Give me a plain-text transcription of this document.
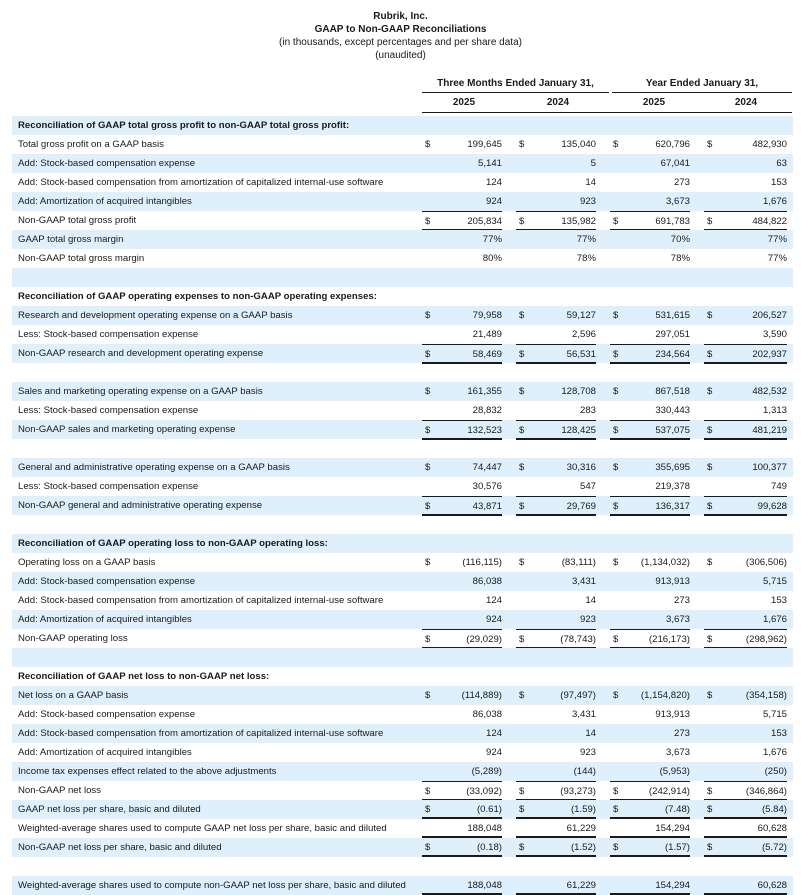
Rubrik, Inc.
GAAP to Non-GAAP Reconciliations
(in thousands, except percentages and per share data)
(unaudited)
Three Months Ended January 31,
2025	2024
Year Ended January 31,
2025	2024
Reconciliation of GAAP total gross profit to non-GAAP total gross profit:
Total gross profit on a GAAP basis	$	199,645 $	135,040 $	620,796 $	482,930
Add: Stock-based compensation expense	5,141	5	67,041	63
Add: Stock-based compensation from amortization of capitalized internal-use software	124	14	273	153
Add: Amortization of acquired intangibles	924	923	3,673	1,676
Non-GAAP total gross profit	$	205,834 $	135,982 $	691,783 $	484,822
GAAP total gross margin	77%	77%	70%	77%
Non-GAAP total gross margin	80%	78%	78%	77%
Reconciliation of GAAP operating expenses to non-GAAP operating expenses:
Research and development operating expense on a GAAP basis	$	79,958 $	59,127 $	531,615 $	206,527
Less: Stock-based compensation expense	21,489	2,596	297,051	3,590
Non-GAAP research and development operating expense	$	58,469 $	56,531 $	234,564 $	202,937
Sales and marketing operating expense on a GAAP basis	$	161,355 $	128,708 $	867,518 $	482,532
Less: Stock-based compensation expense	28,832	283	330,443	1,313
Non-GAAP sales and marketing operating expense	$	132,523 $	128,425 $	537,075 $	481,219
General and administrative operating expense on a GAAP basis	$	74,447 $	30,316 $	355,695 $	100,377
Less: Stock-based compensation expense	30,576	547	219,378	749
Non-GAAP general and administrative operating expense	$	43,871 $	29,769 $	136,317 $	99,628
Reconciliation of GAAP operating loss to non-GAAP operating loss:
Operating loss on a GAAP basis	$	(116,115) $	(83,111) $ (1,134,032) $	(306,506)
Add: Stock-based compensation expense	86,038	3,431	913,913	5,715
Add: Stock-based compensation from amortization of capitalized internal-use software	124	14	273	153
Add: Amortization of acquired intangibles	924	923	3,673	1,676
Non-GAAP operating loss	$	(29,029) $	(78,743) $	(216,173) $	(298,962)
Reconciliation of GAAP net loss to non-GAAP net loss:
Net loss on a GAAP basis	$	(114,889) $	(97,497) $ (1,154,820) $	(354,158)
Add: Stock-based compensation expense	86,038	3,431	913,913	5,715
Add: Stock-based compensation from amortization of capitalized internal-use software	124	14	273	153
Add: Amortization of acquired intangibles	924	923	3,673	1,676
Income tax expenses effect related to the above adjustments	(5,289)	(144)	(5,953)	(250)
Non-GAAP net loss	$	(33,092) $	(93,273) $	(242,914) $	(346,864)
GAAP net loss per share, basic and diluted	$	(0.61) $	(1.59) $	(7.48) $	(5.84)
Weighted-average shares used to compute GAAP net loss per share, basic and diluted	188,048	61,229	154,294	60,628
Non-GAAP net loss per share, basic and diluted	$	(0.18) $	(1.52) $	(1.57) $	(5.72)
Weighted-average shares used to compute non-GAAP net loss per share, basic and diluted	188,048	61,229	154,294	60,628
